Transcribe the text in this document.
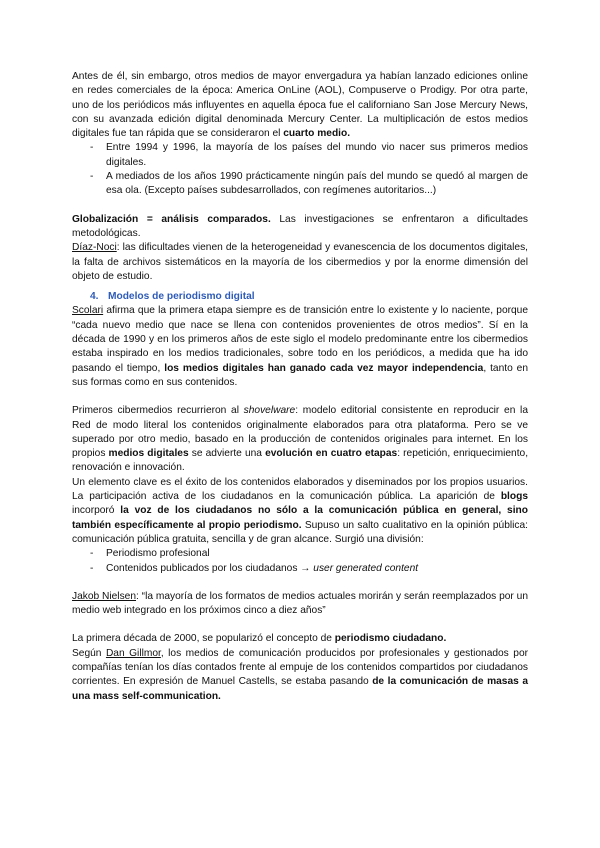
Antes de él, sin embargo, otros medios de mayor envergadura ya habían lanzado ediciones online en redes comerciales de la época: America OnLine (AOL), Compuserve o Prodigy. Por otra parte, uno de los periódicos más influyentes en aquella época fue el californiano San Jose Mercury News, con su avanzada edición digital denominada Mercury Center. La multiplicación de estos medios digitales fue tan rápida que se consideraron el cuarto medio.

- Entre 1994 y 1996, la mayoría de los países del mundo vio nacer sus primeros medios digitales.
- A mediados de los años 1990 prácticamente ningún país del mundo se quedó al margen de esa ola. (Excepto países subdesarrollados, con regímenes autoritarios...)

Globalización = análisis comparados. Las investigaciones se enfrentaron a dificultades metodológicas.

Díaz-Noci: las dificultades vienen de la heterogeneidad y evanescencia de los documentos digitales, la falta de archivos sistemáticos en la mayoría de los cibermedios y por la enorme dimensión del objeto de estudio.

4. Modelos de periodismo digital

Scolari afirma que la primera etapa siempre es de transición entre lo existente y lo naciente, porque “cada nuevo medio que nace se llena con contenidos provenientes de otros medios”. Sí en la década de 1990 y en los primeros años de este siglo el modelo predominante entre los cibermedios estaba inspirado en los medios tradicionales, sobre todo en los periódicos, a medida que ha ido pasando el tiempo, los medios digitales han ganado cada vez mayor independencia, tanto en sus formas como en sus contenidos.

Primeros cibermedios recurrieron al shovelware: modelo editorial consistente en reproducir en la Red de modo literal los contenidos originalmente elaborados para otra plataforma. Pero se ve superado por otro medio, basado en la producción de contenidos originales para internet. En los propios medios digitales se advierte una evolución en cuatro etapas: repetición, enriquecimiento, renovación e innovación.

Un elemento clave es el éxito de los contenidos elaborados y diseminados por los propios usuarios. La participación activa de los ciudadanos en la comunicación pública. La aparición de blogs incorporó la voz de los ciudadanos no sólo a la comunicación pública en general, sino también específicamente al propio periodismo. Supuso un salto cualitativo en la opinión pública: comunicación pública gratuita, sencilla y de gran alcance. Surgió una división:

- Periodismo profesional
- Contenidos publicados por los ciudadanos → user generated content

Jakob Nielsen: “la mayoría de los formatos de medios actuales morirán y serán reemplazados por un medio web integrado en los próximos cinco a diez años”

La primera década de 2000, se popularizó el concepto de periodismo ciudadano.

Según Dan Gillmor, los medios de comunicación producidos por profesionales y gestionados por compañías tenían los días contados frente al empuje de los contenidos compartidos por ciudadanos corrientes. En expresión de Manuel Castells, se estaba pasando de la comunicación de masas a una mass self-communication.
